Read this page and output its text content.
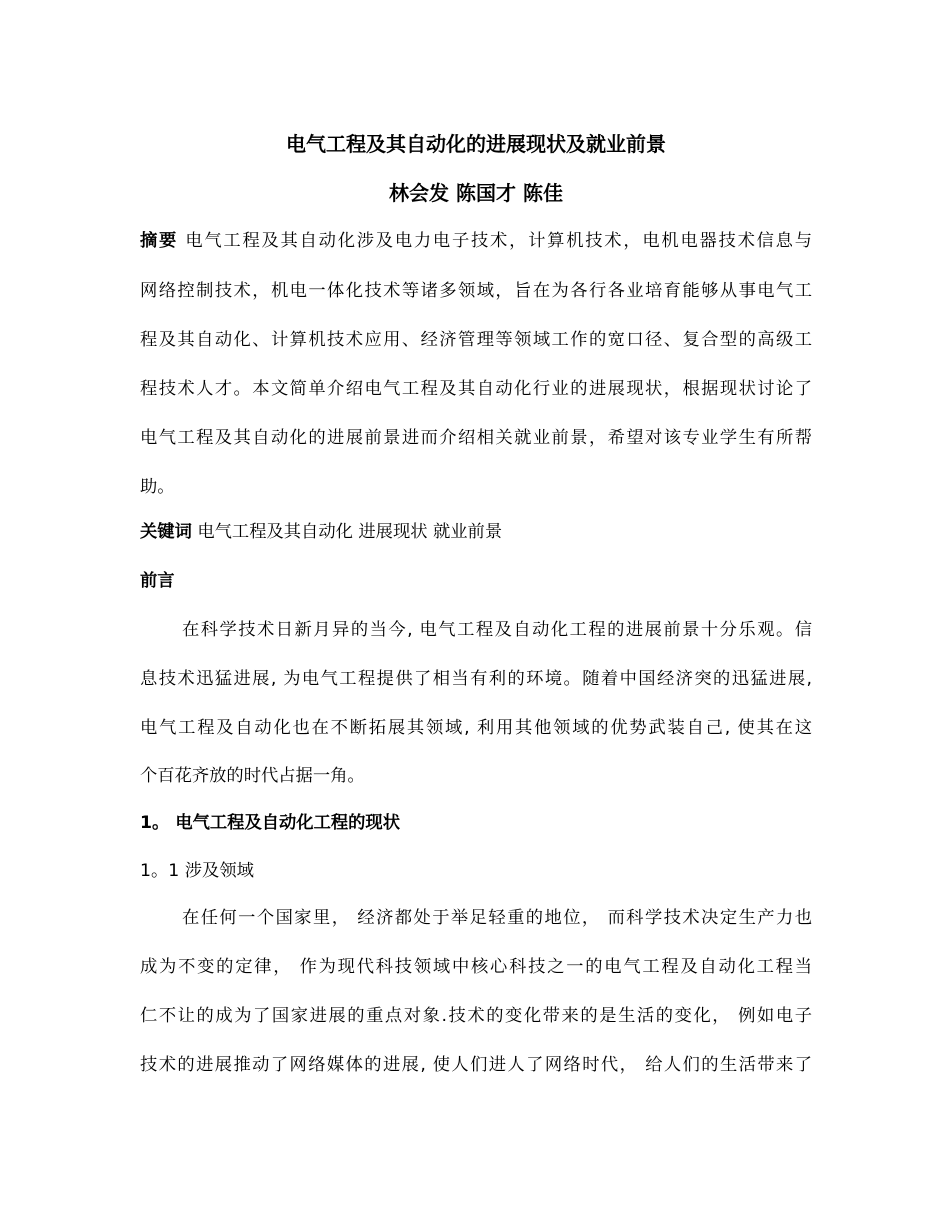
电气工程及其自动化的进展现状及就业前景
林会发 陈国才 陈佳
摘要 电气工程及其自动化涉及电力电子技术，计算机技术，电机电器技术信息与
网络控制技术，机电一体化技术等诸多领域，旨在为各行各业培育能够从事电气工
程及其自动化、计算机技术应用、经济管理等领域工作的宽口径、复合型的高级工
程技术人才。本文简单介绍电气工程及其自动化行业的进展现状，根据现状讨论了
电气工程及其自动化的进展前景进而介绍相关就业前景，希望对该专业学生有所帮
助。
关键词 电气工程及其自动化 进展现状 就业前景
前言
在科学技术日新月异的当今, 电气工程及自动化工程的进展前景十分乐观。信
息技术迅猛进展, 为电气工程提供了相当有利的环境。随着中国经济突的迅猛进展,
电气工程及自动化也在不断拓展其领域, 利用其他领域的优势武装自己, 使其在这
个百花齐放的时代占据一角。
1。 电气工程及自动化工程的现状
1。1 涉及领域
在任何一个国家里， 经济都处于举足轻重的地位， 而科学技术决定生产力也
成为不变的定律， 作为现代科技领域中核心科技之一的电气工程及自动化工程当
仁不让的成为了国家进展的重点对象.技术的变化带来的是生活的变化， 例如电子
技术的进展推动了网络媒体的进展, 使人们进人了网络时代， 给人们的生活带来了
